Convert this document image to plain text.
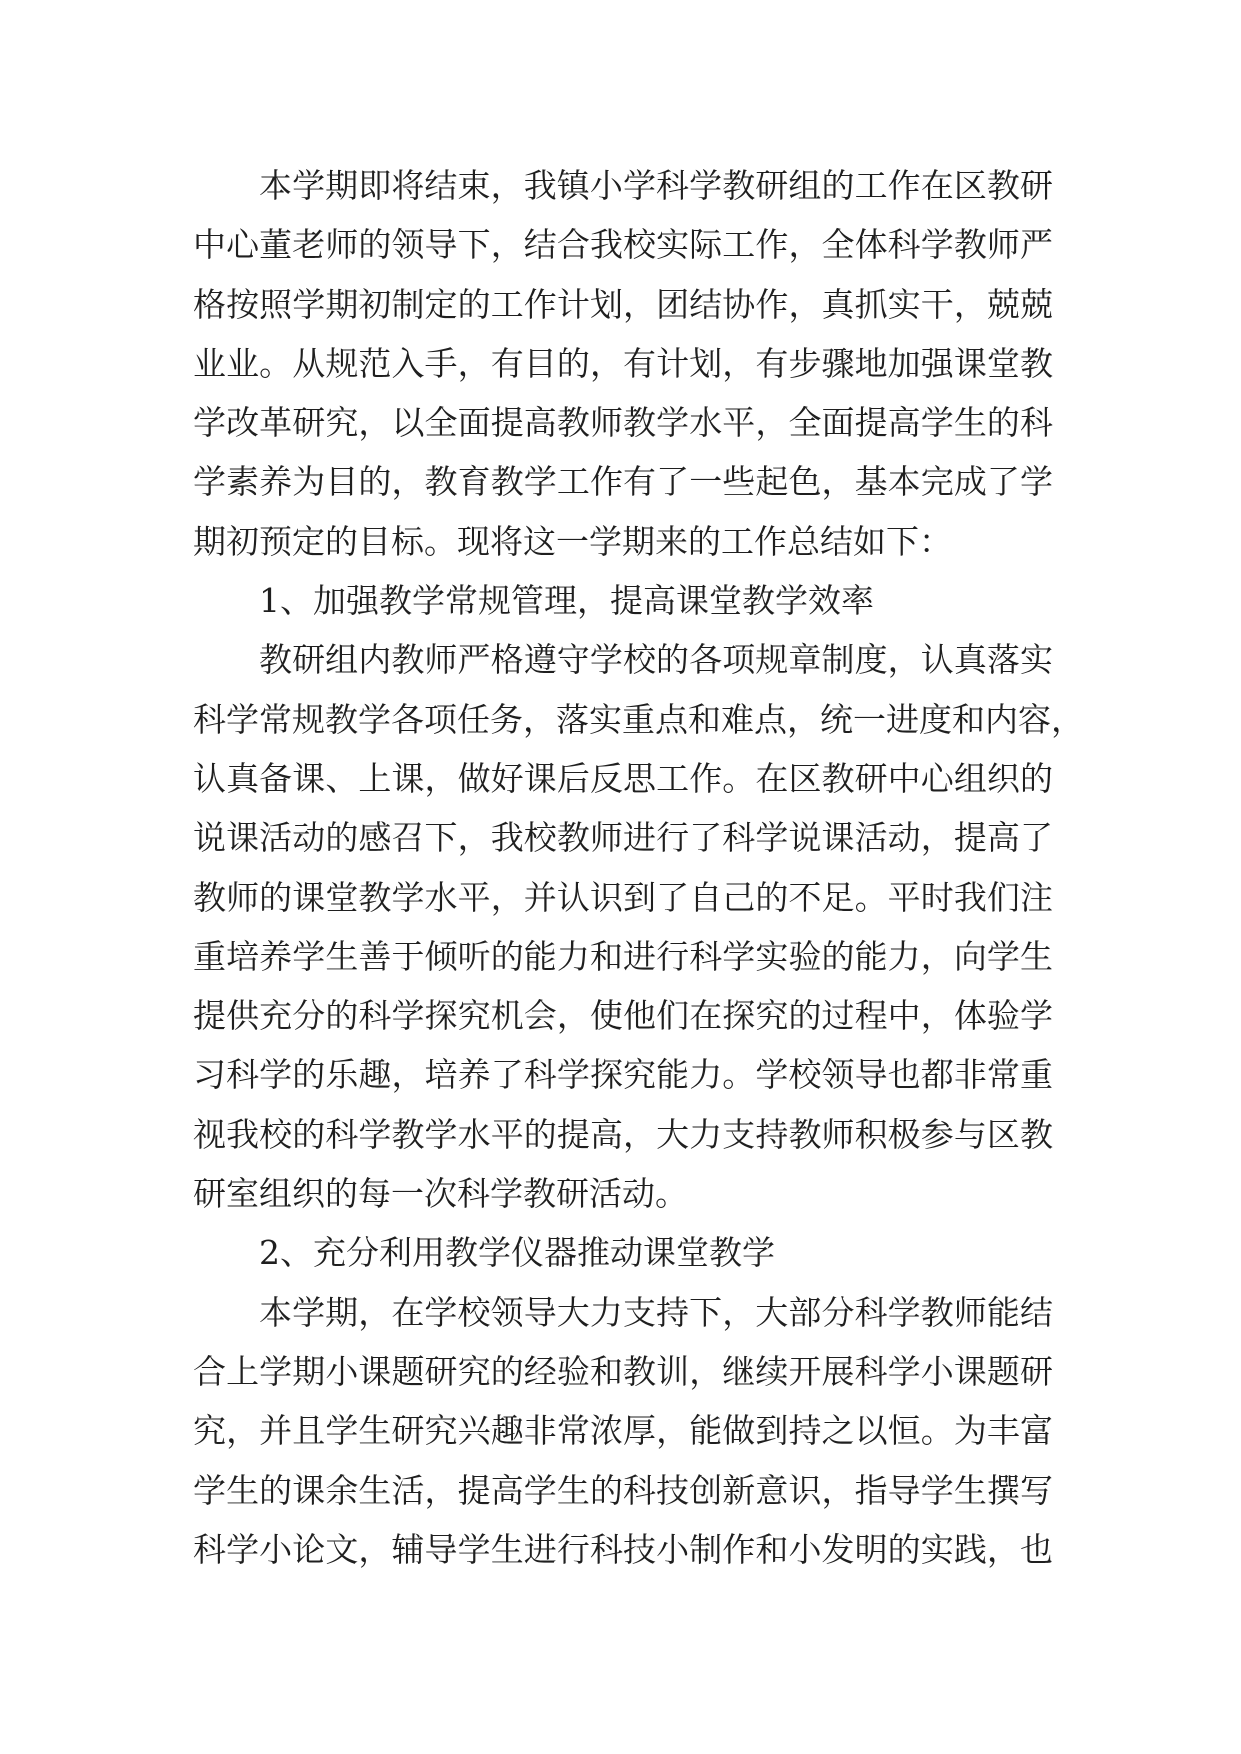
本学期即将结束，我镇小学科学教研组的工作在区教研
中心董老师的领导下，结合我校实际工作，全体科学教师严
格按照学期初制定的工作计划，团结协作，真抓实干，兢兢
业业。从规范入手，有目的，有计划，有步骤地加强课堂教
学改革研究，以全面提高教师教学水平，全面提高学生的科
学素养为目的，教育教学工作有了一些起色，基本完成了学
期初预定的目标。现将这一学期来的工作总结如下：
1、加强教学常规管理，提高课堂教学效率
教研组内教师严格遵守学校的各项规章制度，认真落实
科学常规教学各项任务，落实重点和难点，统一进度和内容，
认真备课、上课，做好课后反思工作。在区教研中心组织的
说课活动的感召下，我校教师进行了科学说课活动，提高了
教师的课堂教学水平，并认识到了自己的不足。平时我们注
重培养学生善于倾听的能力和进行科学实验的能力，向学生
提供充分的科学探究机会，使他们在探究的过程中，体验学
习科学的乐趣，培养了科学探究能力。学校领导也都非常重
视我校的科学教学水平的提高，大力支持教师积极参与区教
研室组织的每一次科学教研活动。
2、充分利用教学仪器推动课堂教学
本学期，在学校领导大力支持下，大部分科学教师能结
合上学期小课题研究的经验和教训，继续开展科学小课题研
究，并且学生研究兴趣非常浓厚，能做到持之以恒。为丰富
学生的课余生活，提高学生的科技创新意识，指导学生撰写
科学小论文，辅导学生进行科技小制作和小发明的实践，也
